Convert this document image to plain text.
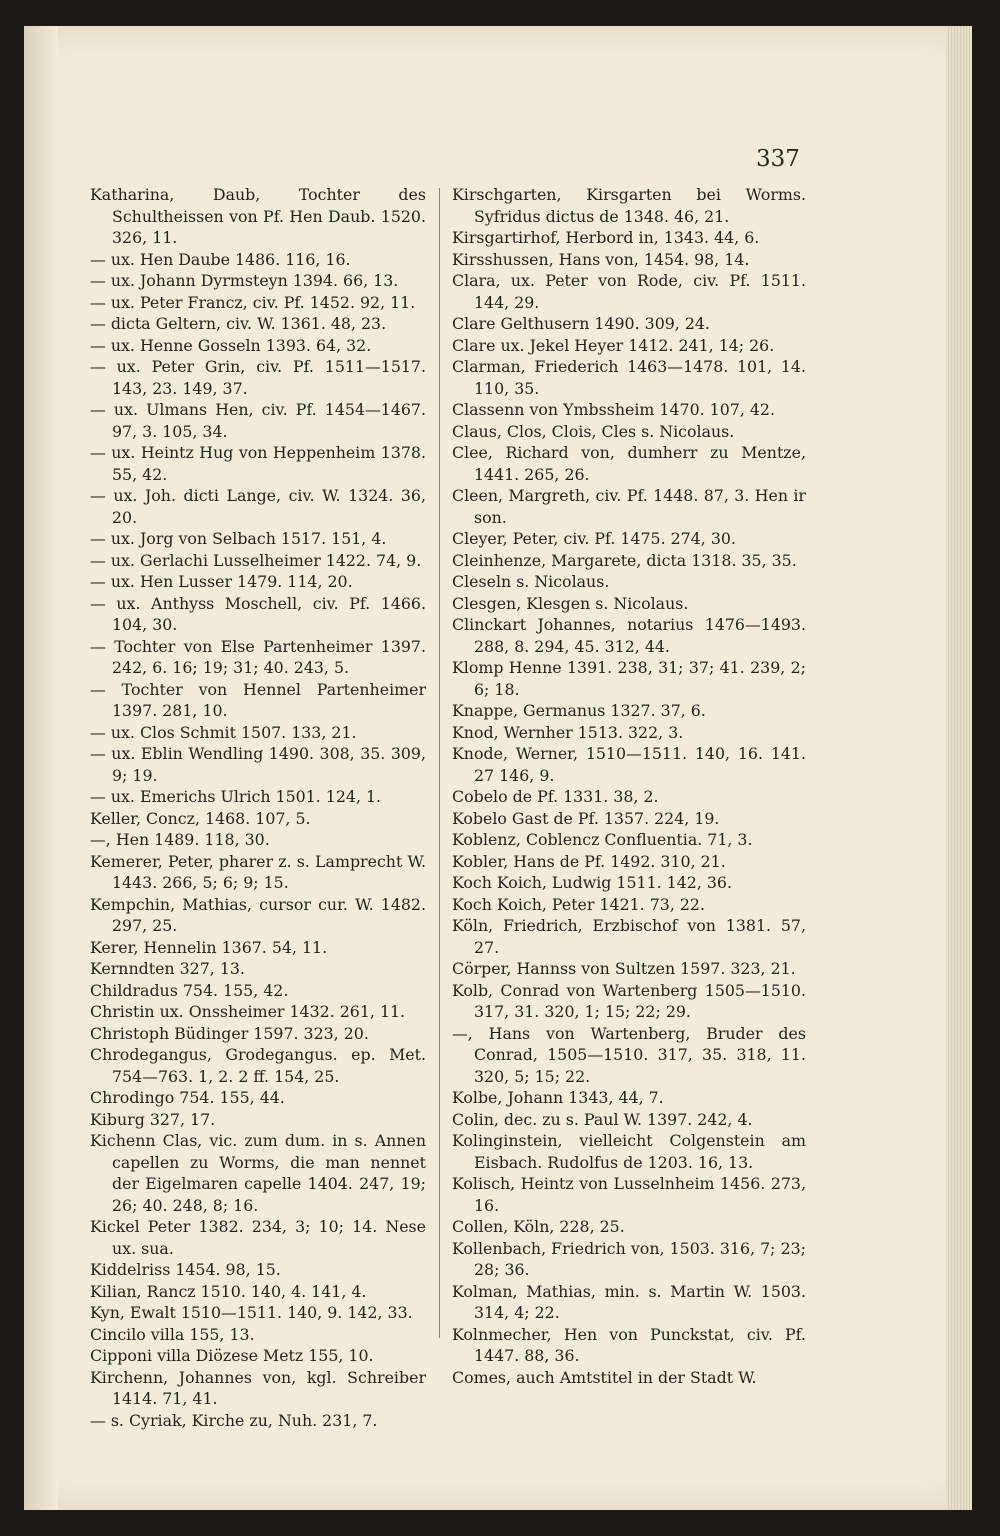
337
Katharina, Daub, Tochter des Schultheissen von Pf. Hen Daub. 1520. 326, 11.
— ux. Hen Daube 1486. 116, 16.
— ux. Johann Dyrmsteyn 1394. 66, 13.
— ux. Peter Francz, civ. Pf. 1452. 92, 11.
— dicta Geltern, civ. W. 1361. 48, 23.
— ux. Henne Gosseln 1393. 64, 32.
— ux. Peter Grin, civ. Pf. 1511—1517. 143, 23. 149, 37.
— ux. Ulmans Hen, civ. Pf. 1454—1467. 97, 3. 105, 34.
— ux. Heintz Hug von Heppenheim 1378. 55, 42.
— ux. Joh. dicti Lange, civ. W. 1324. 36, 20.
— ux. Jorg von Selbach 1517. 151, 4.
— ux. Gerlachi Lusselheimer 1422. 74, 9.
— ux. Hen Lusser 1479. 114, 20.
— ux. Anthyss Moschell, civ. Pf. 1466. 104, 30.
— Tochter von Else Partenheimer 1397. 242, 6. 16; 19; 31; 40. 243, 5.
— Tochter von Hennel Partenheimer 1397. 281, 10.
— ux. Clos Schmit 1507. 133, 21.
— ux. Eblin Wendling 1490. 308, 35. 309, 9; 19.
— ux. Emerichs Ulrich 1501. 124, 1.
Keller, Concz, 1468. 107, 5.
—, Hen 1489. 118, 30.
Kemerer, Peter, pharer z. s. Lamprecht W. 1443. 266, 5; 6; 9; 15.
Kempchin, Mathias, cursor cur. W. 1482. 297, 25.
Kerer, Hennelin 1367. 54, 11.
Kernndten 327, 13.
Childradus 754. 155, 42.
Christin ux. Onssheimer 1432. 261, 11.
Christoph Büdinger 1597. 323, 20.
Chrodegangus, Grodegangus. ep. Met. 754—763. 1, 2. 2 ff. 154, 25.
Chrodingo 754. 155, 44.
Kiburg 327, 17.
Kichenn Clas, vic. zum dum. in s. Annen capellen zu Worms, die man nennet der Eigelmaren capelle 1404. 247, 19; 26; 40. 248, 8; 16.
Kickel Peter 1382. 234, 3; 10; 14. Nese ux. sua.
Kiddelriss 1454. 98, 15.
Kilian, Rancz 1510. 140, 4. 141, 4.
Kyn, Ewalt 1510—1511. 140, 9. 142, 33.
Cincilo villa 155, 13.
Cipponi villa Diözese Metz 155, 10.
Kirchenn, Johannes von, kgl. Schreiber 1414. 71, 41.
— s. Cyriak, Kirche zu, Nuh. 231, 7.
Kirschgarten, Kirsgarten bei Worms. Syfridus dictus de 1348. 46, 21.
Kirsgartirhof, Herbord in, 1343. 44, 6.
Kirsshussen, Hans von, 1454. 98, 14.
Clara, ux. Peter von Rode, civ. Pf. 1511. 144, 29.
Clare Gelthusern 1490. 309, 24.
Clare ux. Jekel Heyer 1412. 241, 14; 26.
Clarman, Friederich 1463—1478. 101, 14. 110, 35.
Classenn von Ymbssheim 1470. 107, 42.
Claus, Clos, Clois, Cles s. Nicolaus.
Clee, Richard von, dumherr zu Mentze, 1441. 265, 26.
Cleen, Margreth, civ. Pf. 1448. 87, 3. Hen ir son.
Cleyer, Peter, civ. Pf. 1475. 274, 30.
Cleinhenze, Margarete, dicta 1318. 35, 35.
Cleseln s. Nicolaus.
Clesgen, Klesgen s. Nicolaus.
Clinckart Johannes, notarius 1476—1493. 288, 8. 294, 45. 312, 44.
Klomp Henne 1391. 238, 31; 37; 41. 239, 2; 6; 18.
Knappe, Germanus 1327. 37, 6.
Knod, Wernher 1513. 322, 3.
Knode, Werner, 1510—1511. 140, 16. 141. 27 146, 9.
Cobelo de Pf. 1331. 38, 2.
Kobelo Gast de Pf. 1357. 224, 19.
Koblenz, Coblencz Confluentia. 71, 3.
Kobler, Hans de Pf. 1492. 310, 21.
Koch Koich, Ludwig 1511. 142, 36.
Koch Koich, Peter 1421. 73, 22.
Köln, Friedrich, Erzbischof von 1381. 57, 27.
Cörper, Hannss von Sultzen 1597. 323, 21.
Kolb, Conrad von Wartenberg 1505—1510. 317, 31. 320, 1; 15; 22; 29.
—, Hans von Wartenberg, Bruder des Conrad, 1505—1510. 317, 35. 318, 11. 320, 5; 15; 22.
Kolbe, Johann 1343, 44, 7.
Colin, dec. zu s. Paul W. 1397. 242, 4.
Kolinginstein, vielleicht Colgenstein am Eisbach. Rudolfus de 1203. 16, 13.
Kolisch, Heintz von Lusselnheim 1456. 273, 16.
Collen, Köln, 228, 25.
Kollenbach, Friedrich von, 1503. 316, 7; 23; 28; 36.
Kolman, Mathias, min. s. Martin W. 1503. 314, 4; 22.
Kolnmecher, Hen von Punckstat, civ. Pf. 1447. 88, 36.
Comes, auch Amtstitel in der Stadt W.
